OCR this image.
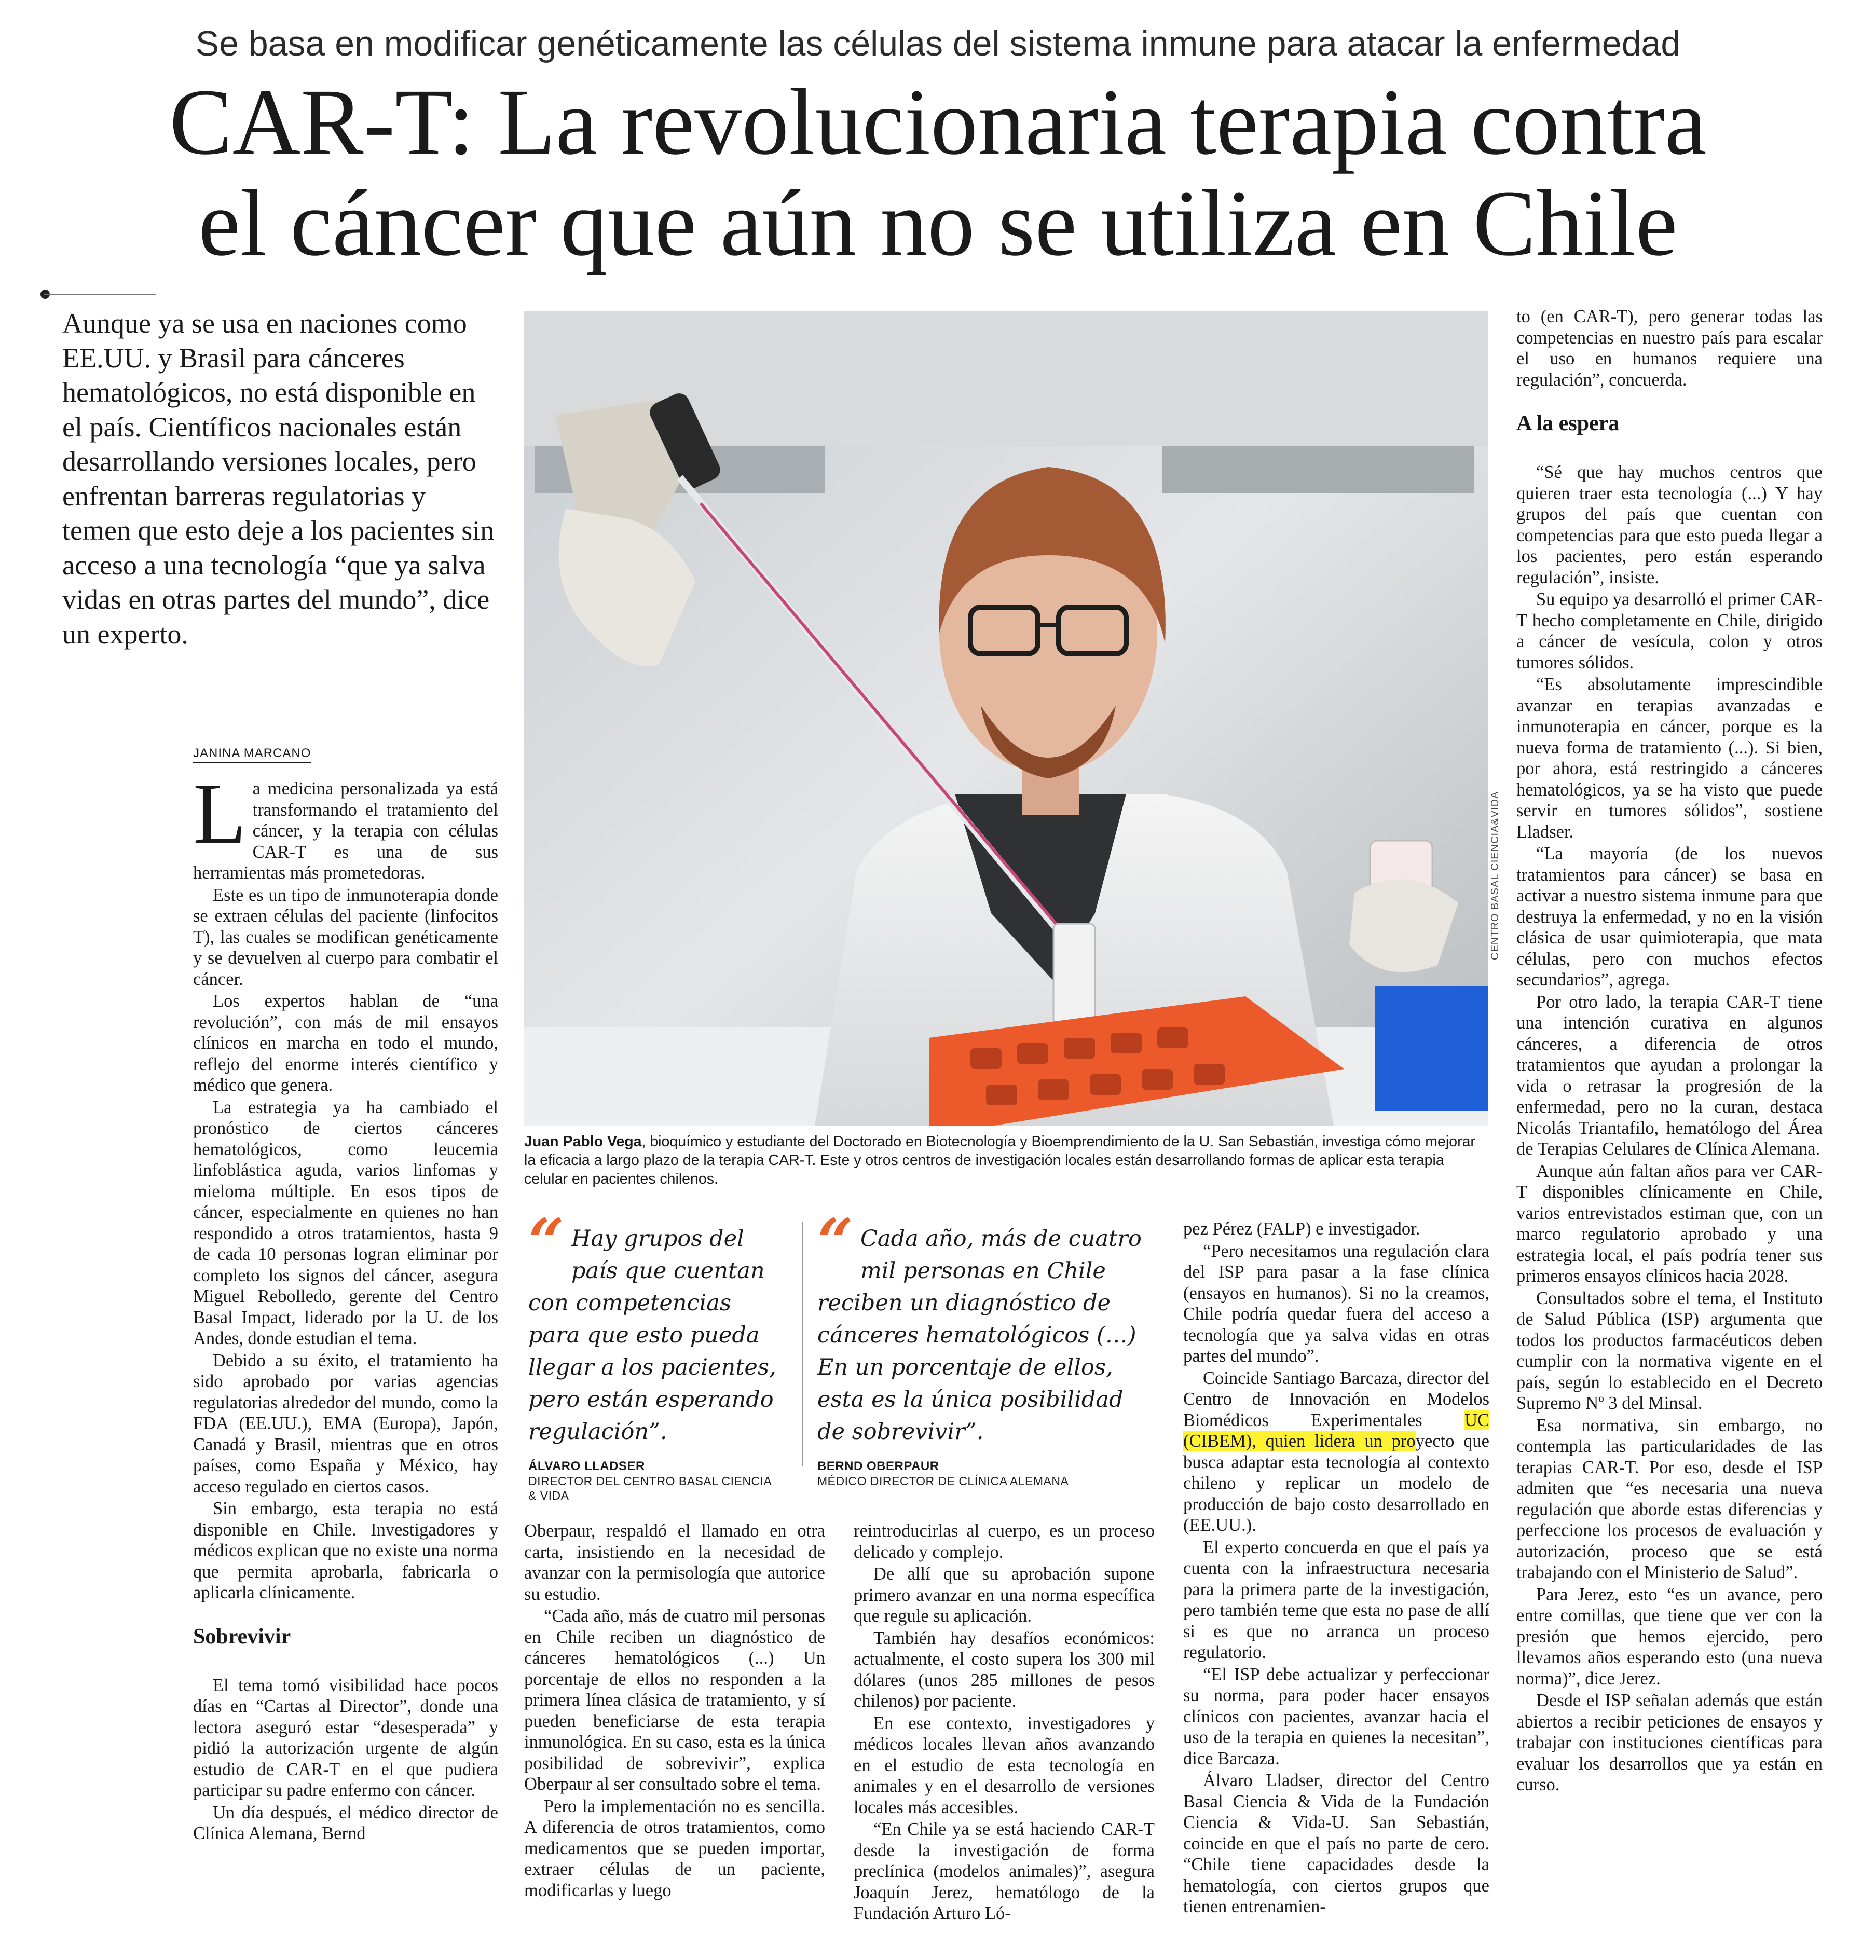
Se basa en modificar genéticamente las células del sistema inmune para atacar la enfermedad
CAR-T: La revolucionaria terapia contra
el cáncer que aún no se utiliza en Chile
Aunque ya se usa en naciones como EE.UU. y Brasil para cánceres hematológicos, no está disponible en el país. Científicos nacionales están desarrollando versiones locales, pero enfrentan barreras regulatorias y temen que esto deje a los pacientes sin acceso a una tecnología “que ya salva vidas en otras partes del mundo”, dice un experto.
JANINA MARCANO

La medicina personalizada ya está transformando el tratamiento del cáncer, y la terapia con células CAR-T es una de sus herramientas más prometedoras.

Este es un tipo de inmunoterapia donde se extraen células del paciente (linfocitos T), las cuales se modifican genéticamente y se devuelven al cuerpo para combatir el cáncer.

Los expertos hablan de “una revolución”, con más de mil ensayos clínicos en marcha en todo el mundo, reflejo del enorme interés científico y médico que genera.

La estrategia ya ha cambiado el pronóstico de ciertos cánceres hematológicos, como leucemia linfoblástica aguda, varios linfomas y mieloma múltiple. En esos tipos de cáncer, especialmente en quienes no han respondido a otros tratamientos, hasta 9 de cada 10 personas logran eliminar por completo los signos del cáncer, asegura Miguel Rebolledo, gerente del Centro Basal Impact, liderado por la U. de los Andes, donde estudian el tema.

Debido a su éxito, el tratamiento ha sido aprobado por varias agencias regulatorias alrededor del mundo, como la FDA (EE.UU.), EMA (Europa), Japón, Canadá y Brasil, mientras que en otros países, como España y México, hay acceso regulado en ciertos casos.

Sin embargo, esta terapia no está disponible en Chile. Investigadores y médicos explican que no existe una norma que permita aprobarla, fabricarla o aplicarla clínicamente.

Sobrevivir

El tema tomó visibilidad hace pocos días en “Cartas al Director”, donde una lectora aseguró estar “desesperada” y pidió la autorización urgente de algún estudio de CAR-T en el que pudiera participar su padre enfermo con cáncer.

Un día después, el médico director de Clínica Alemana, Bernd

CENTRO BASAL CIENCIA&VIDA
Juan Pablo Vega, bioquímico y estudiante del Doctorado en Biotecnología y Bioemprendimiento de la U. San Sebastián, investiga cómo mejorar la eficacia a largo plazo de la terapia CAR-T. Este y otros centros de investigación locales están desarrollando formas de aplicar esta terapia celular en pacientes chilenos.
“ Hay grupos del país que cuentan con competencias para que esto pueda llegar a los pacientes, pero están esperando regulación”.
ÁLVARO LLADSER
DIRECTOR DEL CENTRO BASAL CIENCIA & VIDA
“ Cada año, más de cuatro mil personas en Chile reciben un diagnóstico de cánceres hematológicos (…) En un porcentaje de ellos, esta es la única posibilidad de sobrevivir”.
BERND OBERPAUR
MÉDICO DIRECTOR DE CLÍNICA ALEMANA

Oberpaur, respaldó el llamado en otra carta, insistiendo en la necesidad de avanzar con la permisología que autorice su estudio.

“Cada año, más de cuatro mil personas en Chile reciben un diagnóstico de cánceres hematológicos (...) Un porcentaje de ellos no responden a la primera línea clásica de tratamiento, y sí pueden beneficiarse de esta terapia inmunológica. En su caso, esta es la única posibilidad de sobrevivir”, explica Oberpaur al ser consultado sobre el tema.

Pero la implementación no es sencilla. A diferencia de otros tratamientos, como medicamentos que se pueden importar, extraer células de un paciente, modificarlas y luego

reintroducirlas al cuerpo, es un proceso delicado y complejo.

De allí que su aprobación supone primero avanzar en una norma específica que regule su aplicación.

También hay desafíos económicos: actualmente, el costo supera los 300 mil dólares (unos 285 millones de pesos chilenos) por paciente.

En ese contexto, investigadores y médicos locales llevan años avanzando en el estudio de esta tecnología en animales y en el desarrollo de versiones locales más accesibles.

“En Chile ya se está haciendo CAR-T desde la investigación de forma preclínica (modelos animales)”, asegura Joaquín Jerez, hematólogo de la Fundación Arturo Ló-

pez Pérez (FALP) e investigador.

“Pero necesitamos una regulación clara del ISP para pasar a la fase clínica (ensayos en humanos). Si no la creamos, Chile podría quedar fuera del acceso a tecnología que ya salva vidas en otras partes del mundo”.

Coincide Santiago Barcaza, director del Centro de Innovación en Modelos Biomédicos Experimentales UC (CIBEM), quien lidera un proyecto que busca adaptar esta tecnología al contexto chileno y replicar un modelo de producción de bajo costo desarrollado en (EE.UU.).

El experto concuerda en que el país ya cuenta con la infraestructura necesaria para la primera parte de la investigación, pero también teme que esta no pase de allí si es que no arranca un proceso regulatorio.

“El ISP debe actualizar y perfeccionar su norma, para poder hacer ensayos clínicos con pacientes, avanzar hacia el uso de la terapia en quienes la necesitan”, dice Barcaza.

Álvaro Lladser, director del Centro Basal Ciencia & Vida de la Fundación Ciencia & Vida-U. San Sebastián, coincide en que el país no parte de cero. “Chile tiene capacidades desde la hematología, con ciertos grupos que tienen entrenamien-

to (en CAR-T), pero generar todas las competencias en nuestro país para escalar el uso en humanos requiere una regulación”, concuerda.

A la espera

“Sé que hay muchos centros que quieren traer esta tecnología (...) Y hay grupos del país que cuentan con competencias para que esto pueda llegar a los pacientes, pero están esperando regulación”, insiste.

Su equipo ya desarrolló el primer CAR-T hecho completamente en Chile, dirigido a cáncer de vesícula, colon y otros tumores sólidos.

“Es absolutamente imprescindible avanzar en terapias avanzadas e inmunoterapia en cáncer, porque es la nueva forma de tratamiento (...). Si bien, por ahora, está restringido a cánceres hematológicos, ya se ha visto que puede servir en tumores sólidos”, sostiene Lladser.

“La mayoría (de los nuevos tratamientos para cáncer) se basa en activar a nuestro sistema inmune para que destruya la enfermedad, y no en la visión clásica de usar quimioterapia, que mata células, pero con muchos efectos secundarios”, agrega.

Por otro lado, la terapia CAR-T tiene una intención curativa en algunos cánceres, a diferencia de otros tratamientos que ayudan a prolongar la vida o retrasar la progresión de la enfermedad, pero no la curan, destaca Nicolás Triantafilo, hematólogo del Área de Terapias Celulares de Clínica Alemana.

Aunque aún faltan años para ver CAR-T disponibles clínicamente en Chile, varios entrevistados estiman que, con un marco regulatorio aprobado y una estrategia local, el país podría tener sus primeros ensayos clínicos hacia 2028.

Consultados sobre el tema, el Instituto de Salud Pública (ISP) argumenta que todos los productos farmacéuticos deben cumplir con la normativa vigente en el país, según lo establecido en el Decreto Supremo Nº 3 del Minsal.

Esa normativa, sin embargo, no contempla las particularidades de las terapias CAR-T. Por eso, desde el ISP admiten que “es necesaria una nueva regulación que aborde estas diferencias y perfeccione los procesos de evaluación y autorización, proceso que se está trabajando con el Ministerio de Salud”.

Para Jerez, esto “es un avance, pero entre comillas, que tiene que ver con la presión que hemos ejercido, pero llevamos años esperando esto (una nueva norma)”, dice Jerez.

Desde el ISP señalan además que están abiertos a recibir peticiones de ensayos y trabajar con instituciones científicas para evaluar los desarrollos que ya están en curso.
